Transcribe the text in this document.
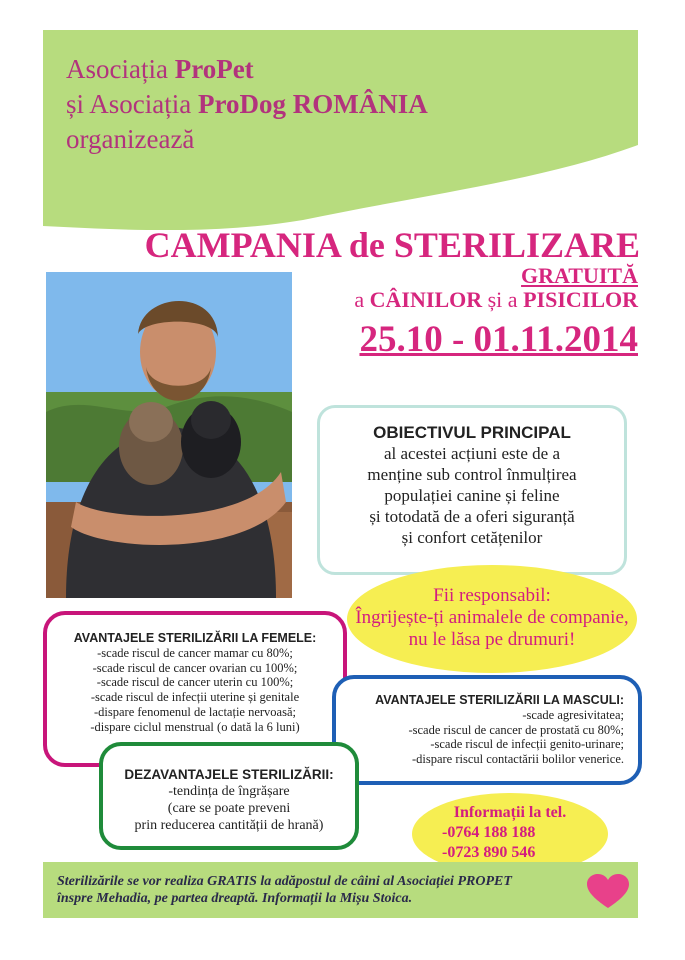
Asociația ProPet
și Asociația ProDog ROMÂNIA
organizează
CAMPANIA de STERILIZARE
GRATUITĂ
a CÂINILOR și a PISICILOR
25.10 - 01.11.2014
OBIECTIVUL PRINCIPAL
al acestei acțiuni este de a
menține sub control înmulțirea
populației canine și feline
și totodată de a oferi siguranță
și confort cetățenilor
Fii responsabil:
Îngrijește-ți animalele de companie,
nu le lăsa pe drumuri!
AVANTAJELE STERILIZĂRII LA FEMELE:
-scade riscul de cancer mamar cu 80%;
-scade riscul de cancer ovarian cu 100%;
-scade riscul de cancer uterin cu 100%;
-scade riscul de infecții uterine și genitale
-dispare fenomenul de lactație nervoasă;
-dispare ciclul menstrual (o dată la 6 luni)
AVANTAJELE STERILIZĂRII LA MASCULI:
-scade agresivitatea;
-scade riscul de cancer de prostată cu 80%;
-scade riscul de infecții genito-urinare;
-dispare riscul contactării bolilor venerice.
DEZAVANTAJELE STERILIZĂRII:
-tendința de îngrășare
(care se poate preveni
prin reducerea cantității de hrană)
Informații la tel.
-0764 188 188
-0723 890 546
Sterilizările se vor realiza GRATIS la adăpostul de câini al Asociației PROPET
înspre Mehadia, pe partea dreaptă. Informații la Mișu Stoica.
